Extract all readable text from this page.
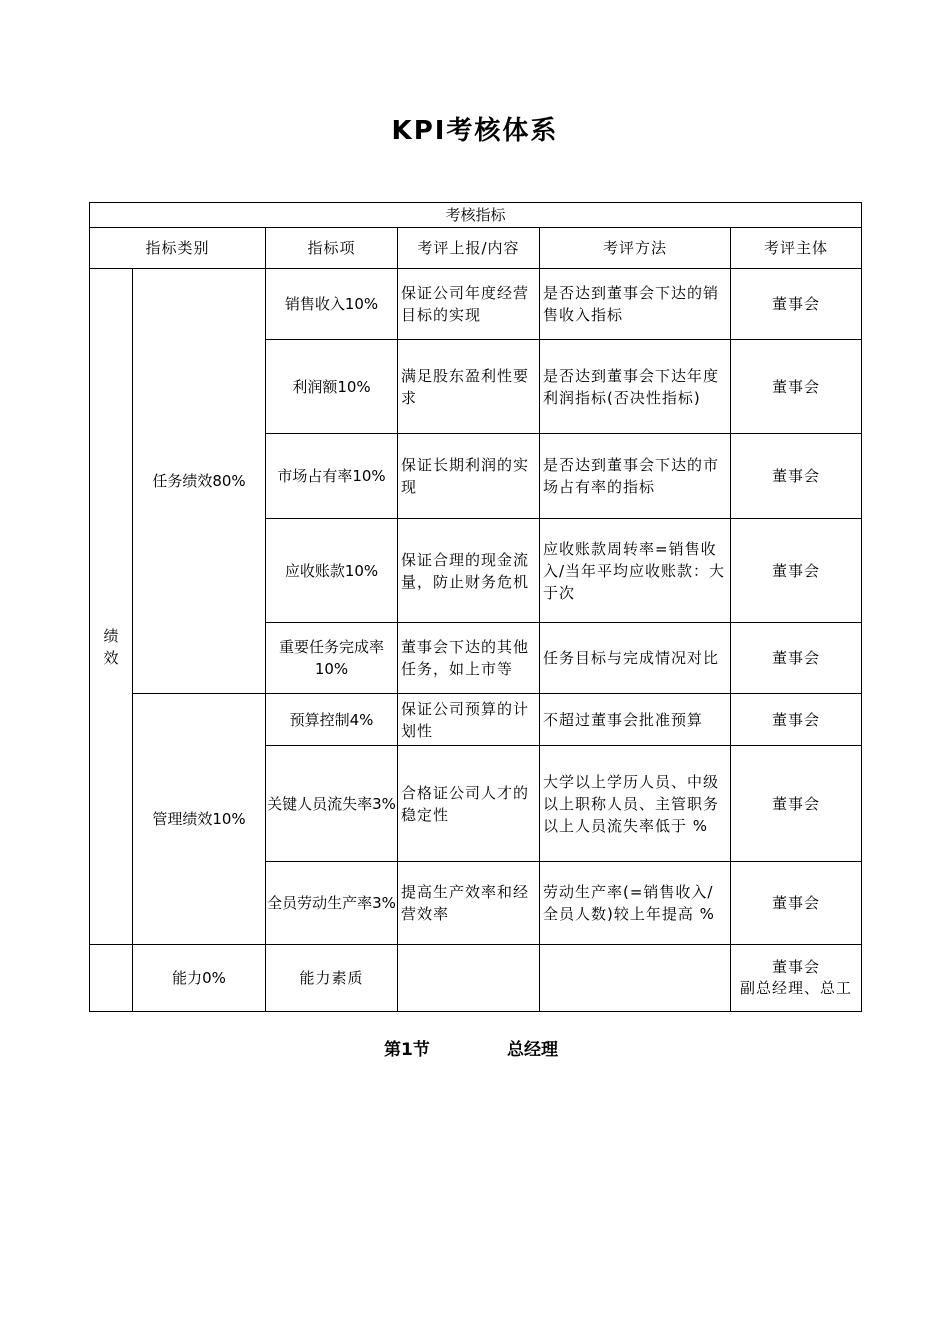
KPI考核体系
考核指标					
指标类别		指标项	考评上报/内容	考评方法	考评主体
绩
效	任务绩效80%	销售收入10%	保证公司年度经营目标的实现	是否达到董事会下达的销售收入指标	董事会
		利润额10%	满足股东盈利性要求	是否达到董事会下达年度利润指标(否决性指标)	董事会
		市场占有率10%	保证长期利润的实现	是否达到董事会下达的市场占有率的指标	董事会
		应收账款10%	保证合理的现金流量，防止财务危机	应收账款周转率=销售收入/当年平均应收账款：大于次	董事会
		重要任务完成率10%	董事会下达的其他任务，如上市等	任务目标与完成情况对比	董事会
	管理绩效10%	预算控制4%	保证公司预算的计划性	不超过董事会批准预算	董事会
		关键人员流失率3%	合格证公司人才的稳定性	大学以上学历人员、中级以上职称人员、主管职务以上人员流失率低于 %	董事会
		全员劳动生产率3%	提高生产效率和经营效率	劳动生产率(=销售收入/全员人数)较上年提高 %	董事会
	能力0%	能力素质			董事会
副总经理、总工
第1节	总经理
